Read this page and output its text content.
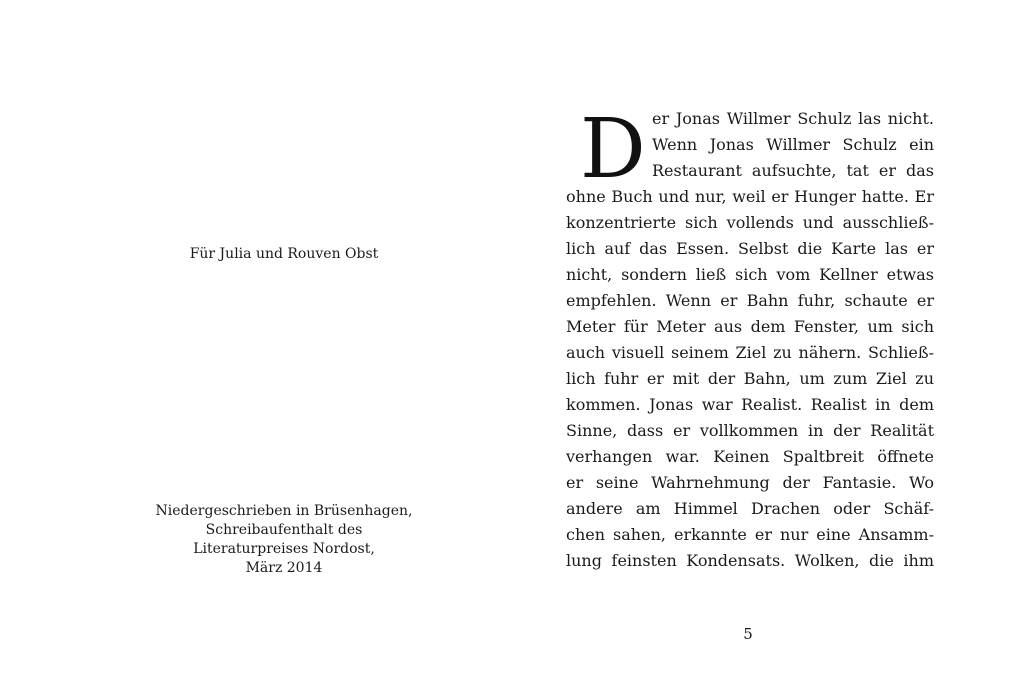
Für Julia und Rouven Obst
Niedergeschrieben in Brüsenhagen,
Schreibaufenthalt des
Literaturpreises Nordost,
März 2014
D er Jonas Willmer Schulz las nicht.
Wenn Jonas Willmer Schulz ein
Restaurant aufsuchte, tat er das
ohne Buch und nur, weil er Hunger hatte. Er
konzentrierte sich vollends und ausschließ-
lich auf das Essen. Selbst die Karte las er
nicht, sondern ließ sich vom Kellner etwas
empfehlen. Wenn er Bahn fuhr, schaute er
Meter für Meter aus dem Fenster, um sich
auch visuell seinem Ziel zu nähern. Schließ-
lich fuhr er mit der Bahn, um zum Ziel zu
kommen. Jonas war Realist. Realist in dem
Sinne, dass er vollkommen in der Realität
verhangen war. Keinen Spaltbreit öffnete
er seine Wahrnehmung der Fantasie. Wo
andere am Himmel Drachen oder Schäf-
chen sahen, erkannte er nur eine Ansamm-
lung feinsten Kondensats. Wolken, die ihm
5
